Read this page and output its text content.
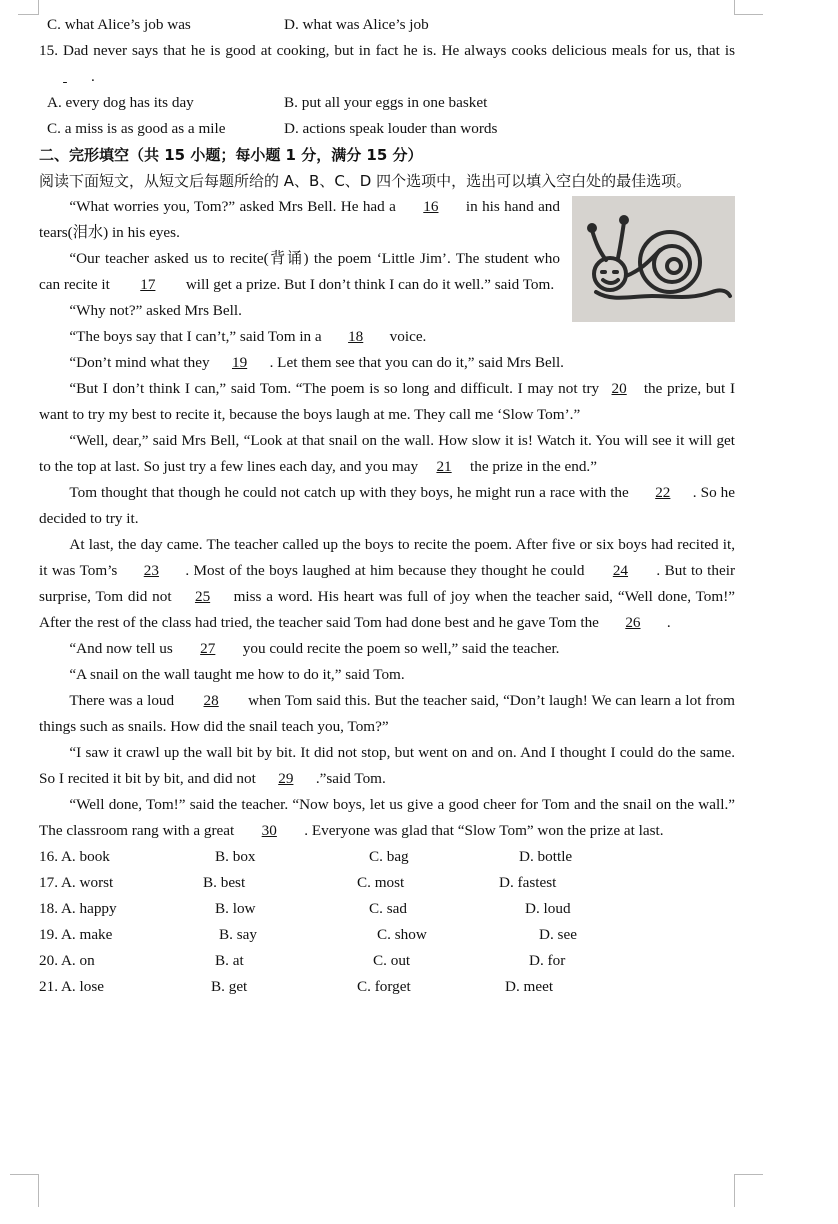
C. what Alice’s job was	D. what was Alice’s job

15. Dad never says that he is good at cooking, but in fact he is. He always cooks delicious meals for us, that is  .

A. every dog has its day	B. put all your eggs in one basket
C. a miss is as good as a mile	D. actions speak louder than words
二、完形填空（共 15 小题；每小题 1 分，满分 15 分）

阅读下面短文，从短文后每题所给的 A、B、C、D 四个选项中，选出可以填入空白处的最佳选项。

“What worries you, Tom?” asked Mrs Bell. He had a 16 in his hand and tears(泪水) in his eyes.

“Our teacher asked us to recite(背诵) the poem ‘Little Jim’. The student who can recite it 17 will get a prize. But I don’t think I can do it well.” said Tom.

“Why not?” asked Mrs Bell.

“The boys say that I can’t,” said Tom in a 18 voice.

“Don’t mind what they 19 . Let them see that you can do it,” said Mrs Bell.

“But I don’t think I can,” said Tom. “The poem is so long and difficult. I may not try 20 the prize, but I want to try my best to recite it, because the boys laugh at me. They call me ‘Slow Tom’.”

“Well, dear,” said Mrs Bell, “Look at that snail on the wall. How slow it is! Watch it. You will see it will get to the top at last. So just try a few lines each day, and you may 21 the prize in the end.”

Tom thought that though he could not catch up with they boys, he might run a race with the 22 . So he decided to try it.

At last, the day came. The teacher called up the boys to recite the poem. After five or six boys had recited it, it was Tom’s 23 . Most of the boys laughed at him because they thought he could 24 . But to their surprise, Tom did not 25 miss a word. His heart was full of joy when the teacher said, “Well done, Tom!” After the rest of the class had tried, the teacher said Tom had done best and he gave Tom the 26 .

“And now tell us 27 you could recite the poem so well,” said the teacher.

“A snail on the wall taught me how to do it,” said Tom.

There was a loud 28 when Tom said this. But the teacher said, “Don’t laugh! We can learn a lot from things such as snails. How did the snail teach you, Tom?”

“I saw it crawl up the wall bit by bit. It did not stop, but went on and on. And I thought I could do the same. So I recited it bit by bit, and did not 29 .”said Tom.

“Well done, Tom!” said the teacher. “Now boys, let us give a good cheer for Tom and the snail on the wall.” The classroom rang with a great 30 . Everyone was glad that “Slow Tom” won the prize at last.

16. A. book	B. box	C. bag	D. bottle
17. A. worst	B. best	C. most	D. fastest
18. A. happy	B. low	C. sad	D. loud
19. A. make	B. say	C. show	D. see
20. A. on	B. at	C. out	D. for
21. A. lose	B. get	C. forget	D. meet
